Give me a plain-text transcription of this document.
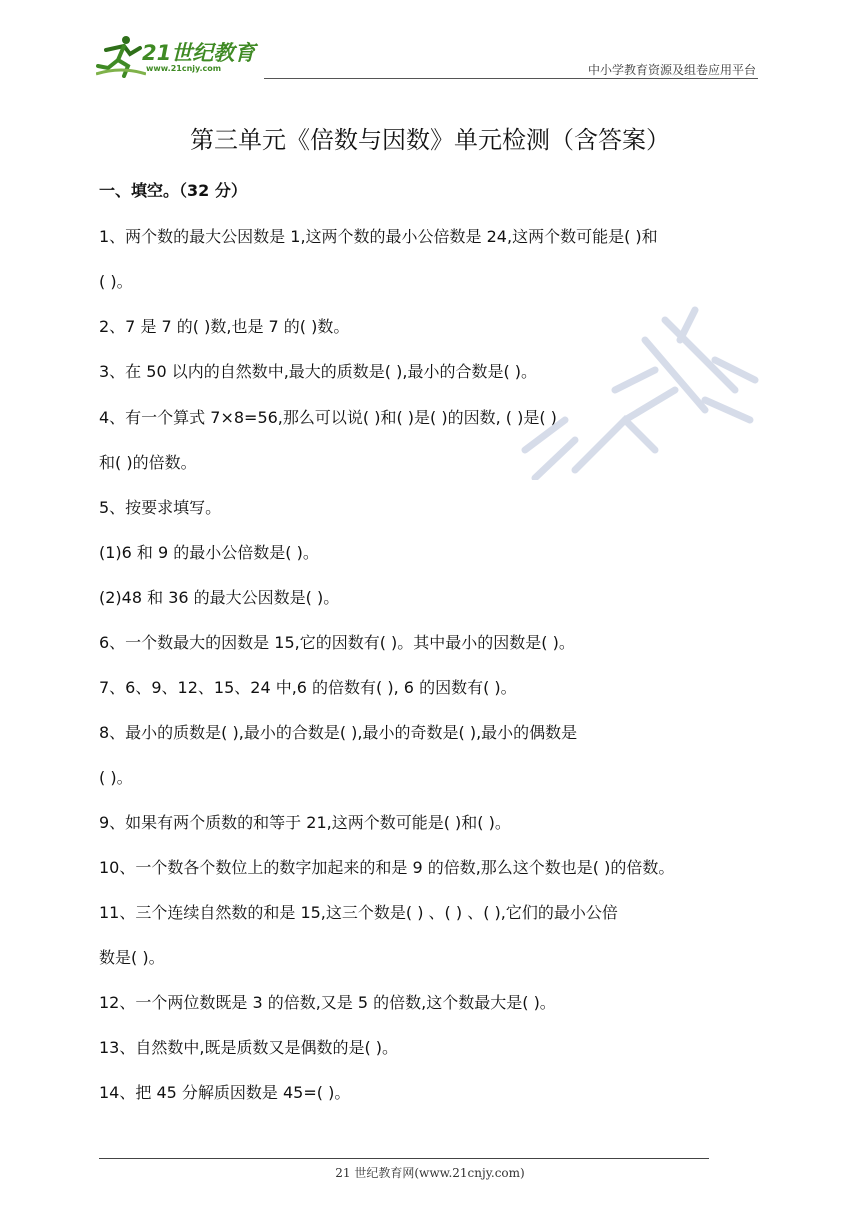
21世纪教育
www.21cnjy.com	中小学教育资源及组卷应用平台
第三单元《倍数与因数》单元检测（含答案）
一、填空。（32 分）
1、两个数的最大公因数是 1,这两个数的最小公倍数是 24,这两个数可能是( )和
( )。
2、7 是 7 的( )数,也是 7 的( )数。
3、在 50 以内的自然数中,最大的质数是( ),最小的合数是( )。
4、有一个算式 7×8=56,那么可以说( )和( )是( )的因数, ( )是( )
和( )的倍数。
5、按要求填写。
(1)6 和 9 的最小公倍数是( )。
(2)48 和 36 的最大公因数是( )。
6、一个数最大的因数是 15,它的因数有( )。其中最小的因数是( )。
7、6、9、12、15、24 中,6 的倍数有( ), 6 的因数有( )。
8、最小的质数是( ),最小的合数是( ),最小的奇数是( ),最小的偶数是
( )。
9、如果有两个质数的和等于 21,这两个数可能是( )和( )。
10、一个数各个数位上的数字加起来的和是 9 的倍数,那么这个数也是( )的倍数。
11、三个连续自然数的和是 15,这三个数是( ) 、( ) 、( ),它们的最小公倍
数是( )。
12、一个两位数既是 3 的倍数,又是 5 的倍数,这个数最大是( )。
13、自然数中,既是质数又是偶数的是( )。
14、把 45 分解质因数是 45=( )。
21 世纪教育网(www.21cnjy.com)
